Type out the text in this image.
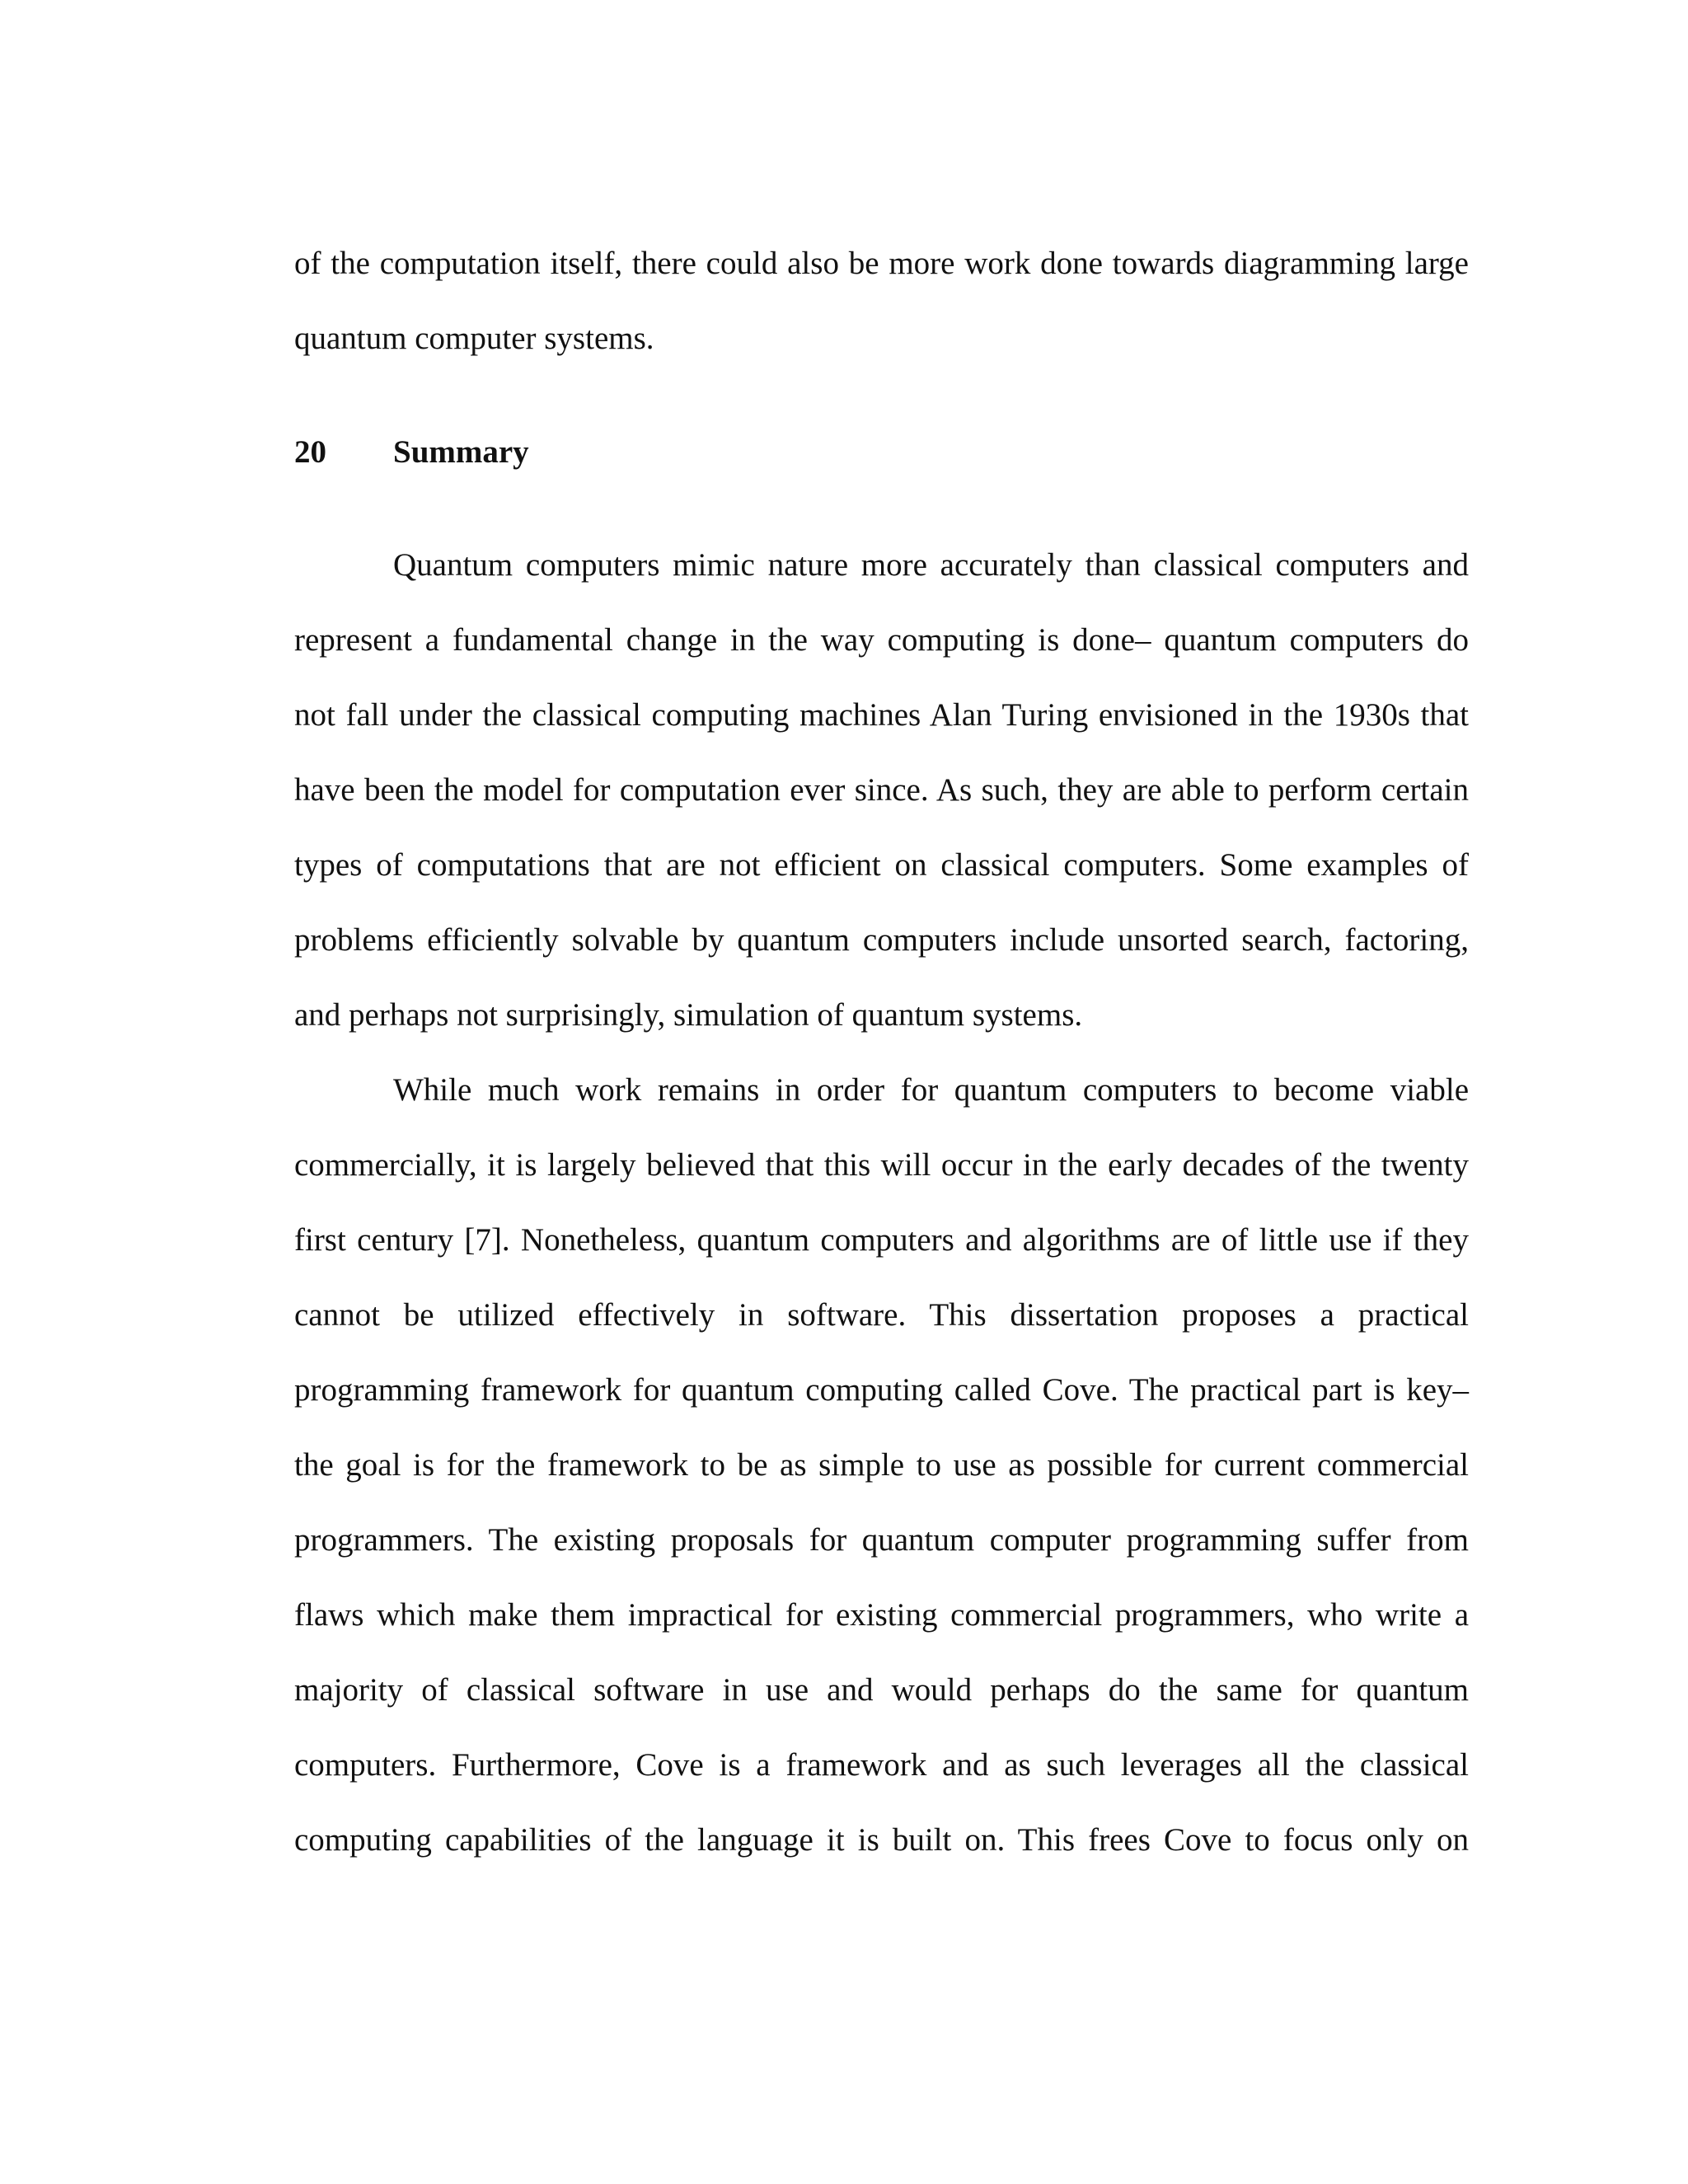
of the computation itself, there could also be more work done towards diagramming large
quantum computer systems.
20 Summary
Quantum computers mimic nature more accurately than classical computers and
represent a fundamental change in the way computing is done– quantum computers do
not fall under the classical computing machines Alan Turing envisioned in the 1930s that
have been the model for computation ever since. As such, they are able to perform certain
types of computations that are not efficient on classical computers. Some examples of
problems efficiently solvable by quantum computers include unsorted search, factoring,
and perhaps not surprisingly, simulation of quantum systems.
While much work remains in order for quantum computers to become viable
commercially, it is largely believed that this will occur in the early decades of the twenty
first century [7]. Nonetheless, quantum computers and algorithms are of little use if they
cannot be utilized effectively in software. This dissertation proposes a practical
programming framework for quantum computing called Cove. The practical part is key–
the goal is for the framework to be as simple to use as possible for current commercial
programmers. The existing proposals for quantum computer programming suffer from
flaws which make them impractical for existing commercial programmers, who write a
majority of classical software in use and would perhaps do the same for quantum
computers. Furthermore, Cove is a framework and as such leverages all the classical
computing capabilities of the language it is built on. This frees Cove to focus only on
